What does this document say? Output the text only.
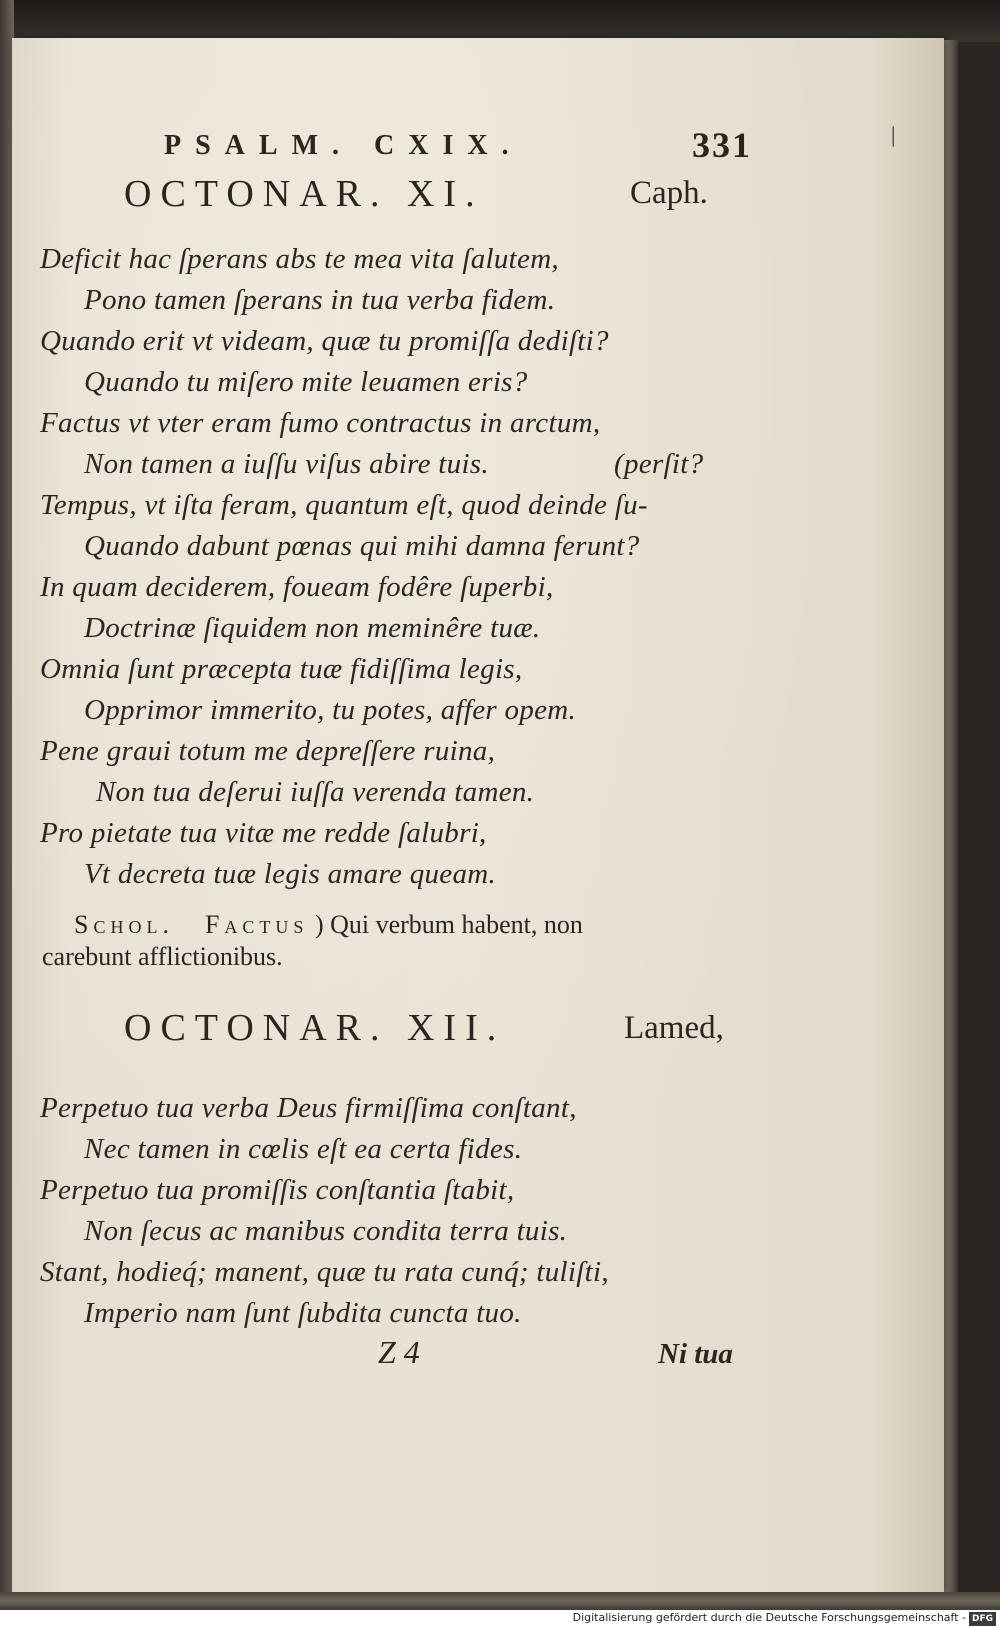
PSALM. CXIX.	331	|
OCTONAR. XI.	Caph.
Deficit hac ſperans abs te mea vita ſalutem,
Pono tamen ſperans in tua verba fidem.
Quando erit vt videam, quæ tu promiſſa dediſti?
Quando tu miſero mite leuamen eris?
Factus vt vter eram fumo contractus in arctum,
Non tamen a iuſſu viſus abire tuis.	(perſit?
Tempus, vt iſta feram, quantum eſt, quod deinde ſu-
Quando dabunt pœnas qui mihi damna ferunt?
In quam deciderem, foueam fodêre ſuperbi,
Doctrinæ ſiquidem non meminêre tuæ.
Omnia ſunt præcepta tuæ fidiſſima legis,
Opprimor immerito, tu potes, affer opem.
Pene graui totum me depreſſere ruina,
Non tua deſerui iuſſa verenda tamen.
Pro pietate tua vitæ me redde ſalubri,
Vt decreta tuæ legis amare queam.
Schol. Factus ) Qui verbum habent, non
carebunt afflictionibus.
OCTONAR. XII.	Lamed,
Perpetuo tua verba Deus firmiſſima conſtant,
Nec tamen in cœlis eſt ea certa fides.
Perpetuo tua promiſſis conſtantia ſtabit,
Non ſecus ac manibus condita terra tuis.
Stant, hodieq́; manent, quæ tu rata cunq́; tuliſti,
Imperio nam ſunt ſubdita cuncta tuo.
Z 4	Ni tua
Digitalisierung gefördert durch die Deutsche Forschungsgemeinschaft - DFG
